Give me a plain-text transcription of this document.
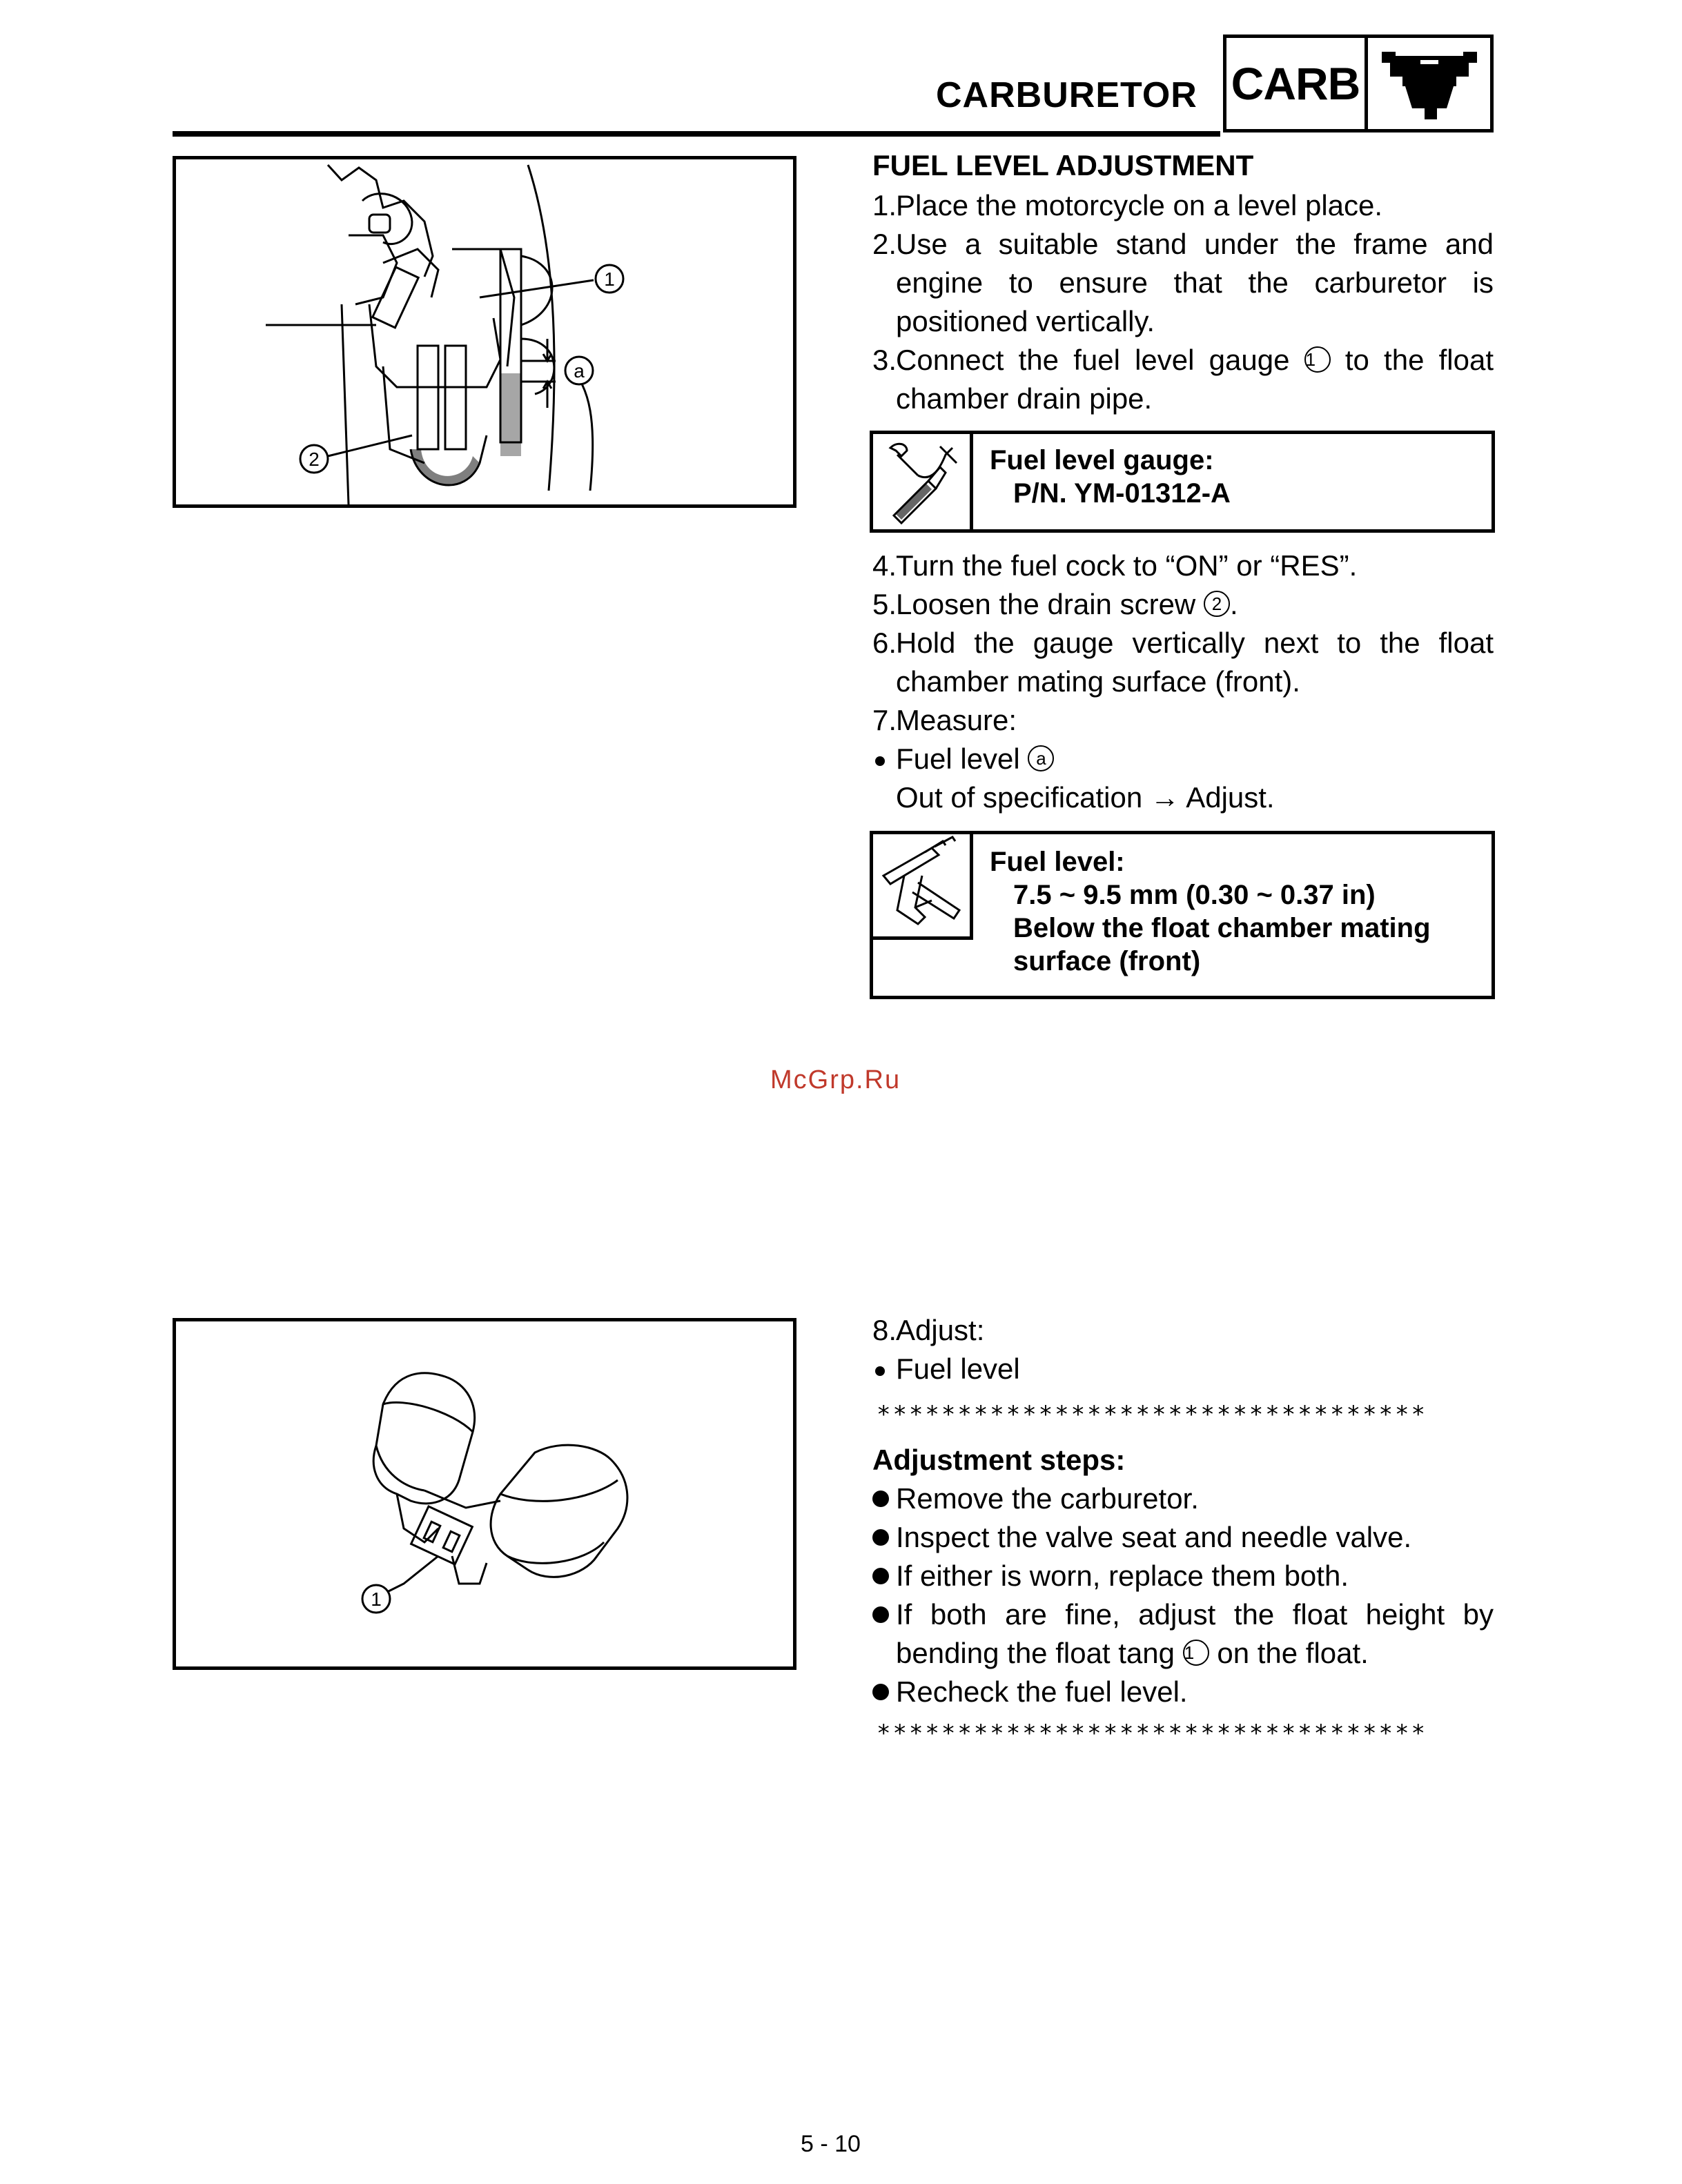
CARBURETOR CARB
1
a
2
FUEL LEVEL ADJUSTMENT
1.
Place the motorcycle on a level place.
2.
Use a suitable stand under the frame and engine to ensure that the carburetor is positioned vertically.
3.
Connect the fuel level gauge 1 to the float chamber drain pipe.
Fuel level gauge:
P/N. YM-01312-A
4.
Turn the fuel cock to “ON” or “RES”.
5.
Loosen the drain screw 2 .
6.
Hold the gauge vertically next to the float chamber mating surface (front).
7.
Measure:
Fuel level a
Out of specification → Adjust.
Fuel level:
7.5 ~ 9.5 mm (0.30 ~ 0.37 in)
Below the float chamber mating
surface (front)
McGrp.Ru
1
8.
Adjust:
Fuel level
**********************************
Adjustment steps:
Remove the carburetor.
Inspect the valve seat and needle valve.
If either is worn, replace them both.
If both are fine, adjust the float height by bending the float tang 1 on the float.
Recheck the fuel level.
**********************************
5 - 10
